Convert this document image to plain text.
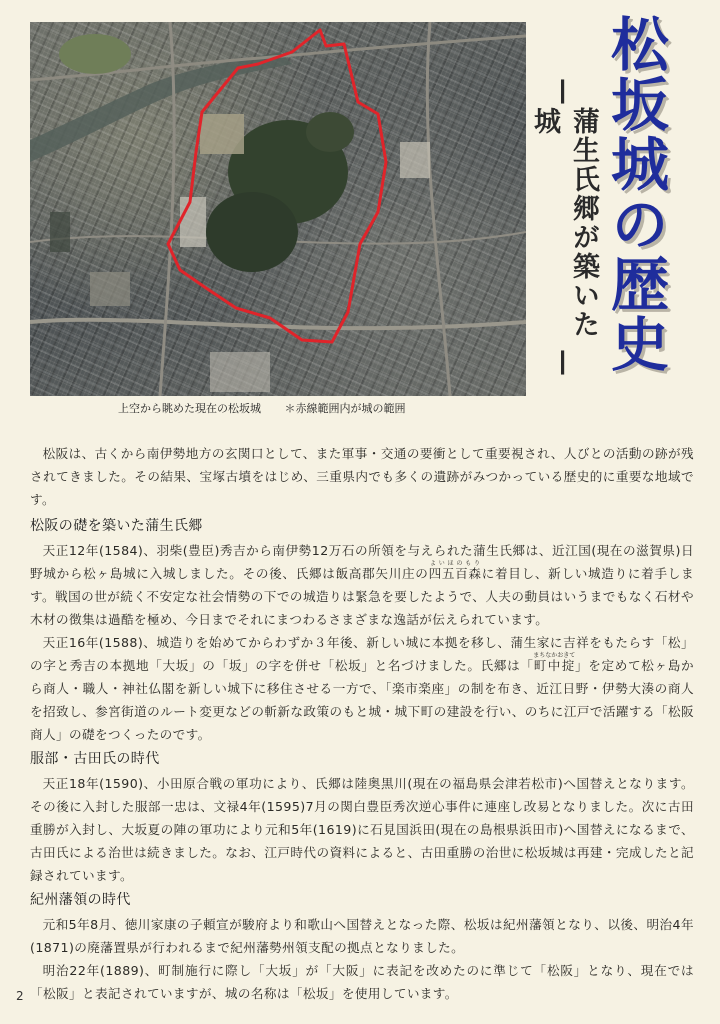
松坂城の歴史
—
蒲生氏郷が築いた城
—
上空から眺めた現在の松坂城 ＊赤線範囲内が城の範囲

松阪は、古くから南伊勢地方の玄関口として、また軍事・交通の要衝として重要視され、人びとの活動の跡が残されてきました。その結果、宝塚古墳をはじめ、三重県内でも多くの遺跡がみつかっている歴史的に重要な地域です。

松阪の礎を築いた蒲生氏郷

天正12年(1584)、羽柴(豊臣)秀吉から南伊勢12万石の所領を与えられた蒲生氏郷は、近江国(現在の滋賀県)日野城から松ヶ島城に入城しました。その後、氏郷は飯高郡矢川庄の四五百森よいほのもりに着目し、新しい城造りに着手します。戦国の世が続く不安定な社会情勢の下での城造りは緊急を要したようで、人夫の動員はいうまでもなく石材や木材の徴集は過酷を極め、今日までそれにまつわるさまざまな逸話が伝えられています。

天正16年(1588)、城造りを始めてからわずか３年後、新しい城に本拠を移し、蒲生家に吉祥をもたらす「松」の字と秀吉の本拠地「大坂」の「坂」の字を併せ「松坂」と名づけました。氏郷は「町中掟まちなかおきて」を定めて松ヶ島から商人・職人・神社仏閣を新しい城下に移住させる一方で、「楽市楽座」の制を布き、近江日野・伊勢大湊の商人を招致し、参宮街道のルート変更などの斬新な政策のもと城・城下町の建設を行い、のちに江戸で活躍する「松阪商人」の礎をつくったのです。

服部・古田氏の時代

天正18年(1590)、小田原合戦の軍功により、氏郷は陸奥黒川(現在の福島県会津若松市)へ国替えとなります。その後に入封した服部一忠は、文禄4年(1595)7月の関白豊臣秀次逆心事件に連座し改易となりました。次に古田重勝が入封し、大坂夏の陣の軍功により元和5年(1619)に石見国浜田(現在の島根県浜田市)へ国替えになるまで、古田氏による治世は続きました。なお、江戸時代の資料によると、古田重勝の治世に松坂城は再建・完成したと記録されています。

紀州藩領の時代

元和5年8月、徳川家康の子頼宣が駿府より和歌山へ国替えとなった際、松坂は紀州藩領となり、以後、明治4年(1871)の廃藩置県が行われるまで紀州藩勢州領支配の拠点となりました。

明治22年(1889)、町制施行に際し「大坂」が「大阪」に表記を改めたのに準じて「松阪」となり、現在では「松阪」と表記されていますが、城の名称は「松坂」を使用しています。

2
